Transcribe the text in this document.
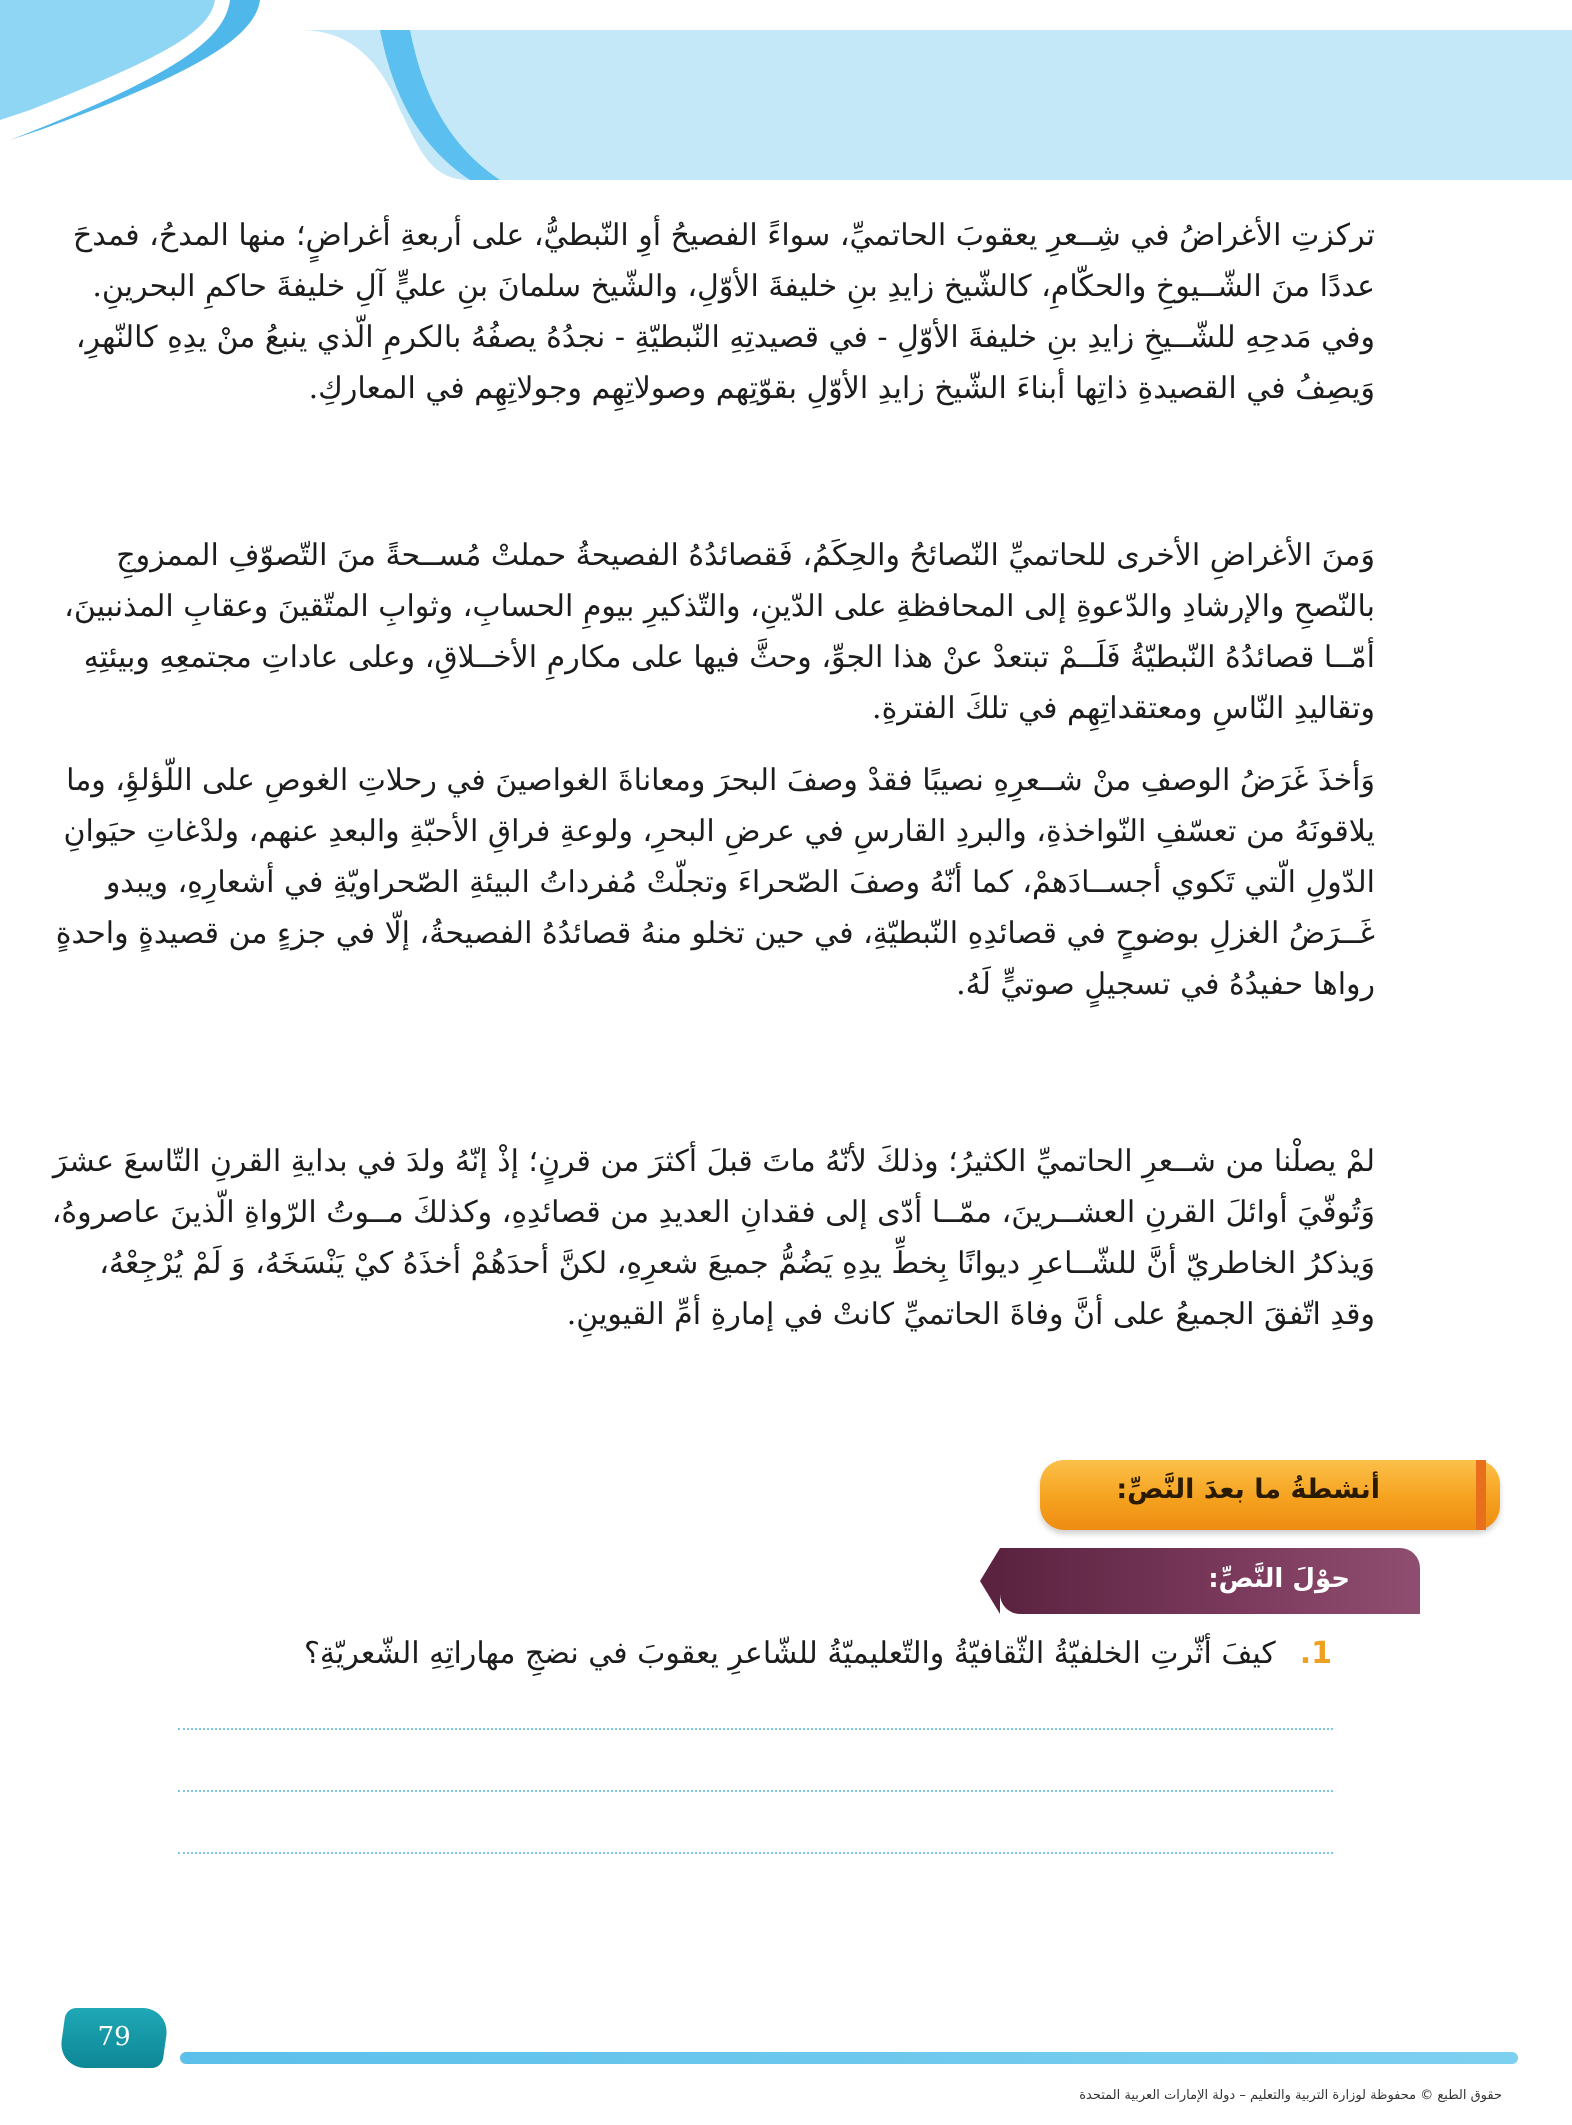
تركزتِ الأغراضُ في شِــعرِ يعقوبَ الحاتميِّ، سواءً الفصيحُ أوِ النّبطيُّ، على أربعةِ أغراضٍ؛ منها المدحُ، فمدحَ
عددًا منَ الشّــيوخِ والحكّامِ، كالشّيخ زايدِ بنِ خليفةَ الأوّلِ، والشّيخ سلمانَ بنِ عليٍّ آلِ خليفةَ حاكمِ البحرينِ.
وفي مَدحِهِ للشّــيخِ زايدِ بنِ خليفةَ الأوّلِ - في قصيدتِهِ النّبطيّةِ - نجدُهُ يصفُهُ بالكرمِ الّذي ينبعُ منْ يدِهِ كالنّهرِ،
وَيصِفُ في القصيدةِ ذاتِها أبناءَ الشّيخ زايدِ الأوّلِ بقوّتِهم وصولاتِهِم وجولاتِهِم في المعاركِ.
وَمنَ الأغراضِ الأخرى للحاتميِّ النّصائحُ والحِكَمُ، فَقصائدُهُ الفصيحةُ حملتْ مُســحةً منَ التّصوّفِ الممزوجِ
بالنّصحِ والإرشادِ والدّعوةِ إلى المحافظةِ على الدّينِ، والتّذكيرِ بيومِ الحسابِ، وثوابِ المتّقينَ وعقابِ المذنبينَ،
أمّــا قصائدُهُ النّبطيّةُ فَلَــمْ تبتعدْ عنْ هذا الجوِّ، وحثَّ فيها على مكارمِ الأخــلاقِ، وعلى عاداتِ مجتمعِهِ وبيئتِهِ
وتقاليدِ النّاسِ ومعتقداتِهِم في تلكَ الفترةِ.
وَأخذَ غَرَضُ الوصفِ منْ شــعرِهِ نصيبًا فقدْ وصفَ البحرَ ومعاناةَ الغواصينَ في رحلاتِ الغوصِ على اللّؤلؤِ، وما
يلاقونَهُ من تعسّفِ النّواخذةِ، والبردِ القارسِ في عرضِ البحرِ، ولوعةِ فراقِ الأحبّةِ والبعدِ عنهم، ولدْغاتِ حيَوانِ
الدّولِ الّتي تَكوي أجســادَهمْ، كما أنّهُ وصفَ الصّحراءَ وتجلّتْ مُفرداتُ البيئةِ الصّحراويّةِ في أشعارِهِ، ويبدو
غَــرَضُ الغزلِ بوضوحٍ في قصائدِهِ النّبطيّةِ، في حين تخلو منهُ قصائدُهُ الفصيحةُ، إلّا في جزءٍ من قصيدةٍ واحدةٍ
رواها حفيدُهُ في تسجيلٍ صوتيٍّ لَهُ.
لمْ يصلْنا من شــعرِ الحاتميِّ الكثيرُ؛ وذلكَ لأنّهُ ماتَ قبلَ أكثرَ من قرنٍ؛ إذْ إنّهُ ولدَ في بدايةِ القرنِ التّاسعَ عشرَ
وَتُوفّيَ أوائلَ القرنِ العشــرينَ، ممّــا أدّى إلى فقدانِ العديدِ من قصائدِهِ، وكذلكَ مــوتُ الرّواةِ الّذينَ عاصروهُ،
وَيذكرُ الخاطريّ أنَّ للشّــاعرِ ديوانًا بِخطِّ يدِهِ يَضُمُّ جميعَ شعرِهِ، لكنَّ أحدَهُمْ أخذَهُ كيْ يَنْسَخَهُ، وَ لَمْ يُرْجِعْهُ،
وقدِ اتّفقَ الجميعُ على أنَّ وفاةَ الحاتميِّ كانتْ في إمارةِ أمِّ القيوينِ.
أنشطةُ ما بعدَ النَّصِّ:
حوْلَ النَّصِّ:
1.كيفَ أثّرتِ الخلفيّةُ الثّقافيّةُ والتّعليميّةُ للشّاعرِ يعقوبَ في نضجِ مهاراتِهِ الشّعريّةِ؟
79
حقوق الطبع © محفوظة لوزارة التربية والتعليم – دولة الإمارات العربية المتحدة
